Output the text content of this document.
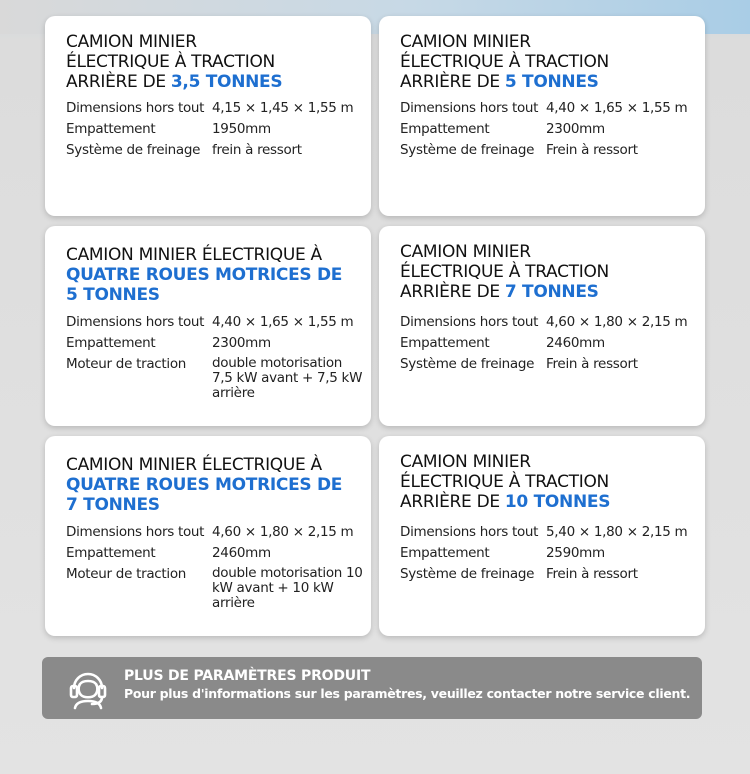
CAMION MINIER
ÉLECTRIQUE À TRACTION
ARRIÈRE DE 3,5 TONNES
Dimensions hors tout	4,15 × 1,45 × 1,55 m
Empattement	1950mm
Système de freinage	frein à ressort
CAMION MINIER
ÉLECTRIQUE À TRACTION
ARRIÈRE DE 5 TONNES
Dimensions hors tout	4,40 × 1,65 × 1,55 m
Empattement	2300mm
Système de freinage	Frein à ressort
CAMION MINIER ÉLECTRIQUE À
QUATRE ROUES MOTRICES DE
5 TONNES
Dimensions hors tout	4,40 × 1,65 × 1,55 m
Empattement	2300mm
Moteur de traction	double motorisation 7,5 kW avant + 7,5 kW arrière
CAMION MINIER
ÉLECTRIQUE À TRACTION
ARRIÈRE DE 7 TONNES
Dimensions hors tout	4,60 × 1,80 × 2,15 m
Empattement	2460mm
Système de freinage	Frein à ressort
CAMION MINIER ÉLECTRIQUE À
QUATRE ROUES MOTRICES DE
7 TONNES
Dimensions hors tout	4,60 × 1,80 × 2,15 m
Empattement	2460mm
Moteur de traction	double motorisation 10 kW avant + 10 kW arrière
CAMION MINIER
ÉLECTRIQUE À TRACTION
ARRIÈRE DE 10 TONNES
Dimensions hors tout	5,40 × 1,80 × 2,15 m
Empattement	2590mm
Système de freinage	Frein à ressort
PLUS DE PARAMÈTRES PRODUIT
Pour plus d'informations sur les paramètres, veuillez contacter notre service client.
